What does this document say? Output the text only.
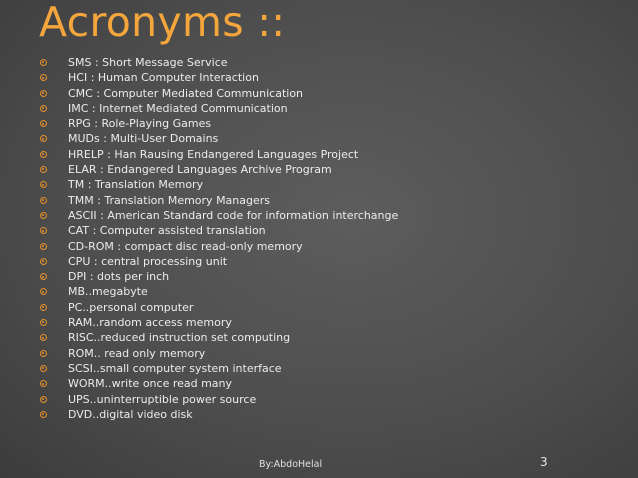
Acronyms ::
SMS : Short Message Service
HCI : Human Computer Interaction
CMC : Computer Mediated Communication
IMC : Internet Mediated Communication
RPG : Role-Playing Games
MUDs : Multi-User Domains
HRELP : Han Rausing Endangered Languages Project
ELAR : Endangered Languages Archive Program
TM : Translation Memory
TMM : Translation Memory Managers
ASCII : American Standard code for information interchange
CAT : Computer assisted translation
CD-ROM : compact disc read-only memory
CPU : central processing unit
DPI : dots per inch
MB..megabyte
PC..personal computer
RAM..random access memory
RISC..reduced instruction set computing
ROM.. read only memory
SCSI..small computer system interface
WORM..write once read many
UPS..uninterruptible power source
DVD..digital video disk
By:AbdoHelal	3
